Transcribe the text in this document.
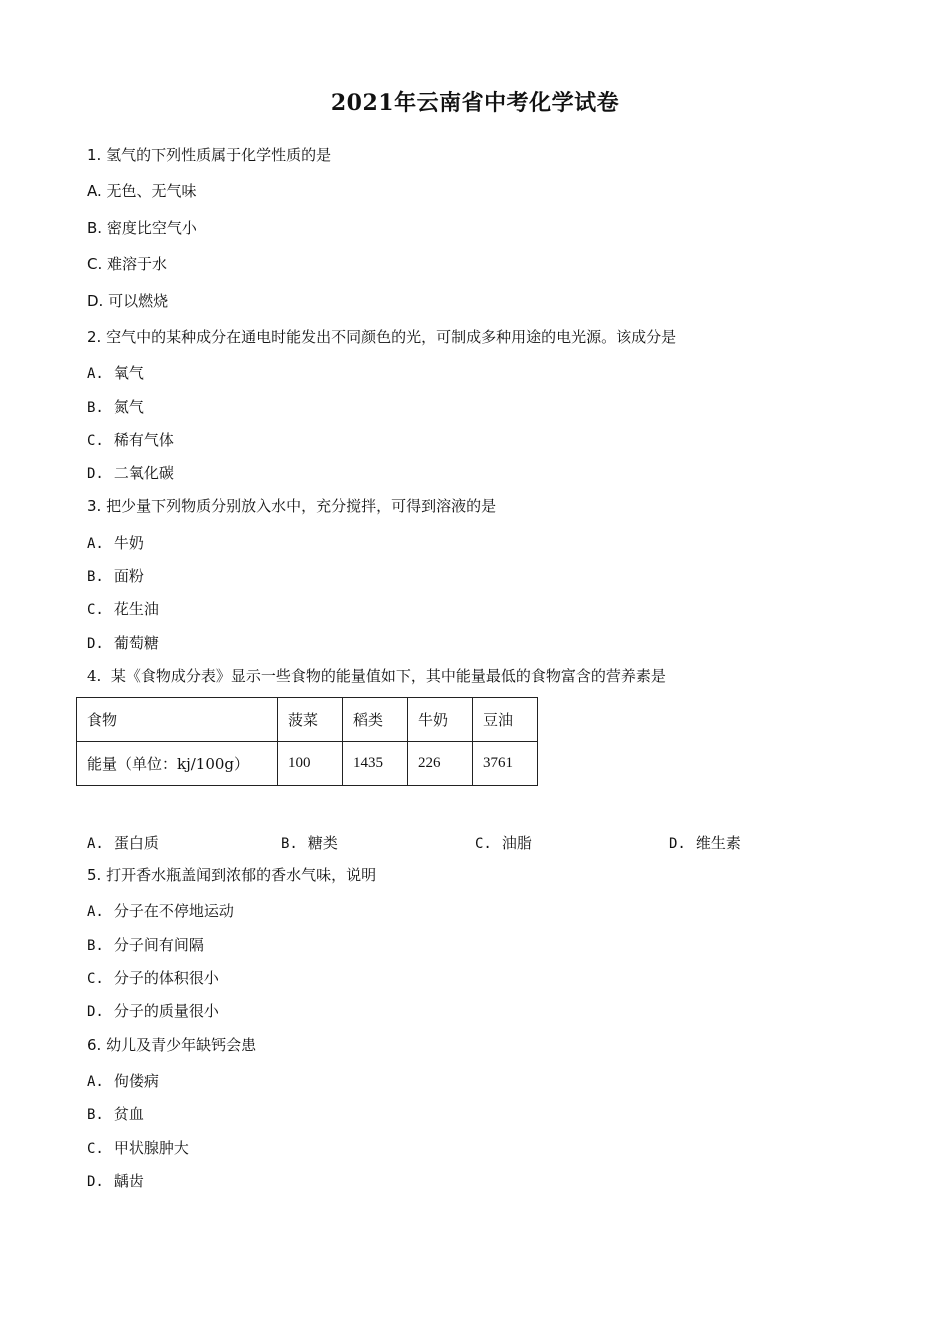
2021年云南省中考化学试卷
1. 氢气的下列性质属于化学性质的是
A. 无色、无气味
B. 密度比空气小
C. 难溶于水
D. 可以燃烧
2. 空气中的某种成分在通电时能发出不同颜色的光，可制成多种用途的电光源。该成分是
A. 氧气
B. 氮气
C. 稀有气体
D. 二氧化碳
3. 把少量下列物质分别放入水中，充分搅拌，可得到溶液的是
A. 牛奶
B. 面粉
C. 花生油
D. 葡萄糖
4. 某《食物成分表》显示一些食物的能量值如下，其中能量最低的食物富含的营养素是
食物	菠菜	稻类	牛奶	豆油
能量（单位：kj/100g）	100	1435	226	3761
A. 蛋白质	B. 糖类	C. 油脂	D. 维生素
5. 打开香水瓶盖闻到浓郁的香水气味，说明
A. 分子在不停地运动
B. 分子间有间隔
C. 分子的体积很小
D. 分子的质量很小
6. 幼儿及青少年缺钙会患
A. 佝偻病
B. 贫血
C. 甲状腺肿大
D. 龋齿
